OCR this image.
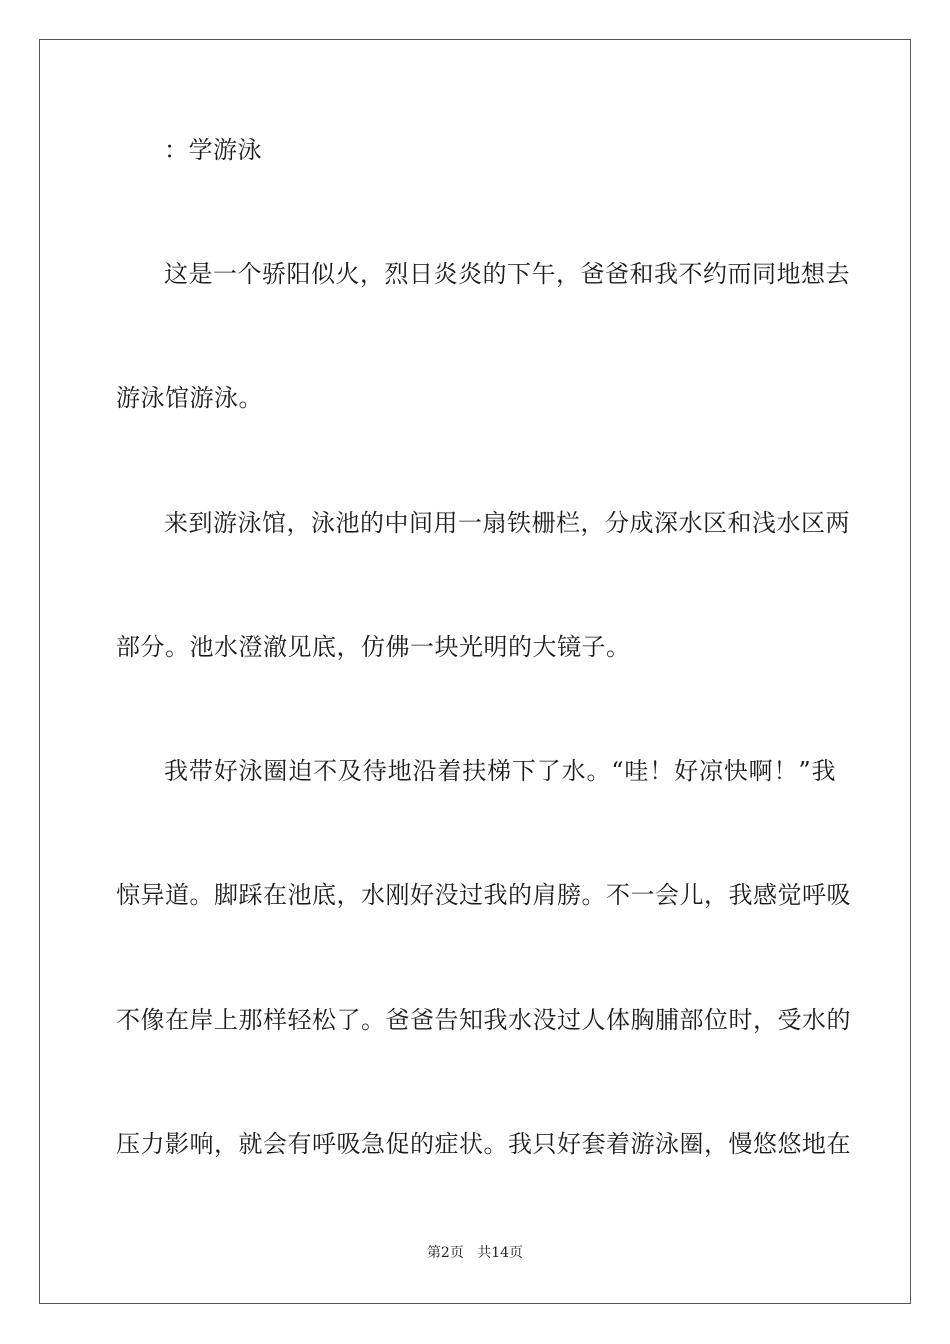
：学游泳
这是一个骄阳似火，烈日炎炎的下午，爸爸和我不约而同地想去
游泳馆游泳。
来到游泳馆，泳池的中间用一扇铁栅栏，分成深水区和浅水区两
部分。池水澄澈见底，仿佛一块光明的大镜子。
我带好泳圈迫不及待地沿着扶梯下了水。“哇！好凉快啊！”我
惊异道。脚踩在池底，水刚好没过我的肩膀。不一会儿，我感觉呼吸
不像在岸上那样轻松了。爸爸告知我水没过人体胸脯部位时，受水的
压力影响，就会有呼吸急促的症状。我只好套着游泳圈，慢悠悠地在
第2页 共14页
